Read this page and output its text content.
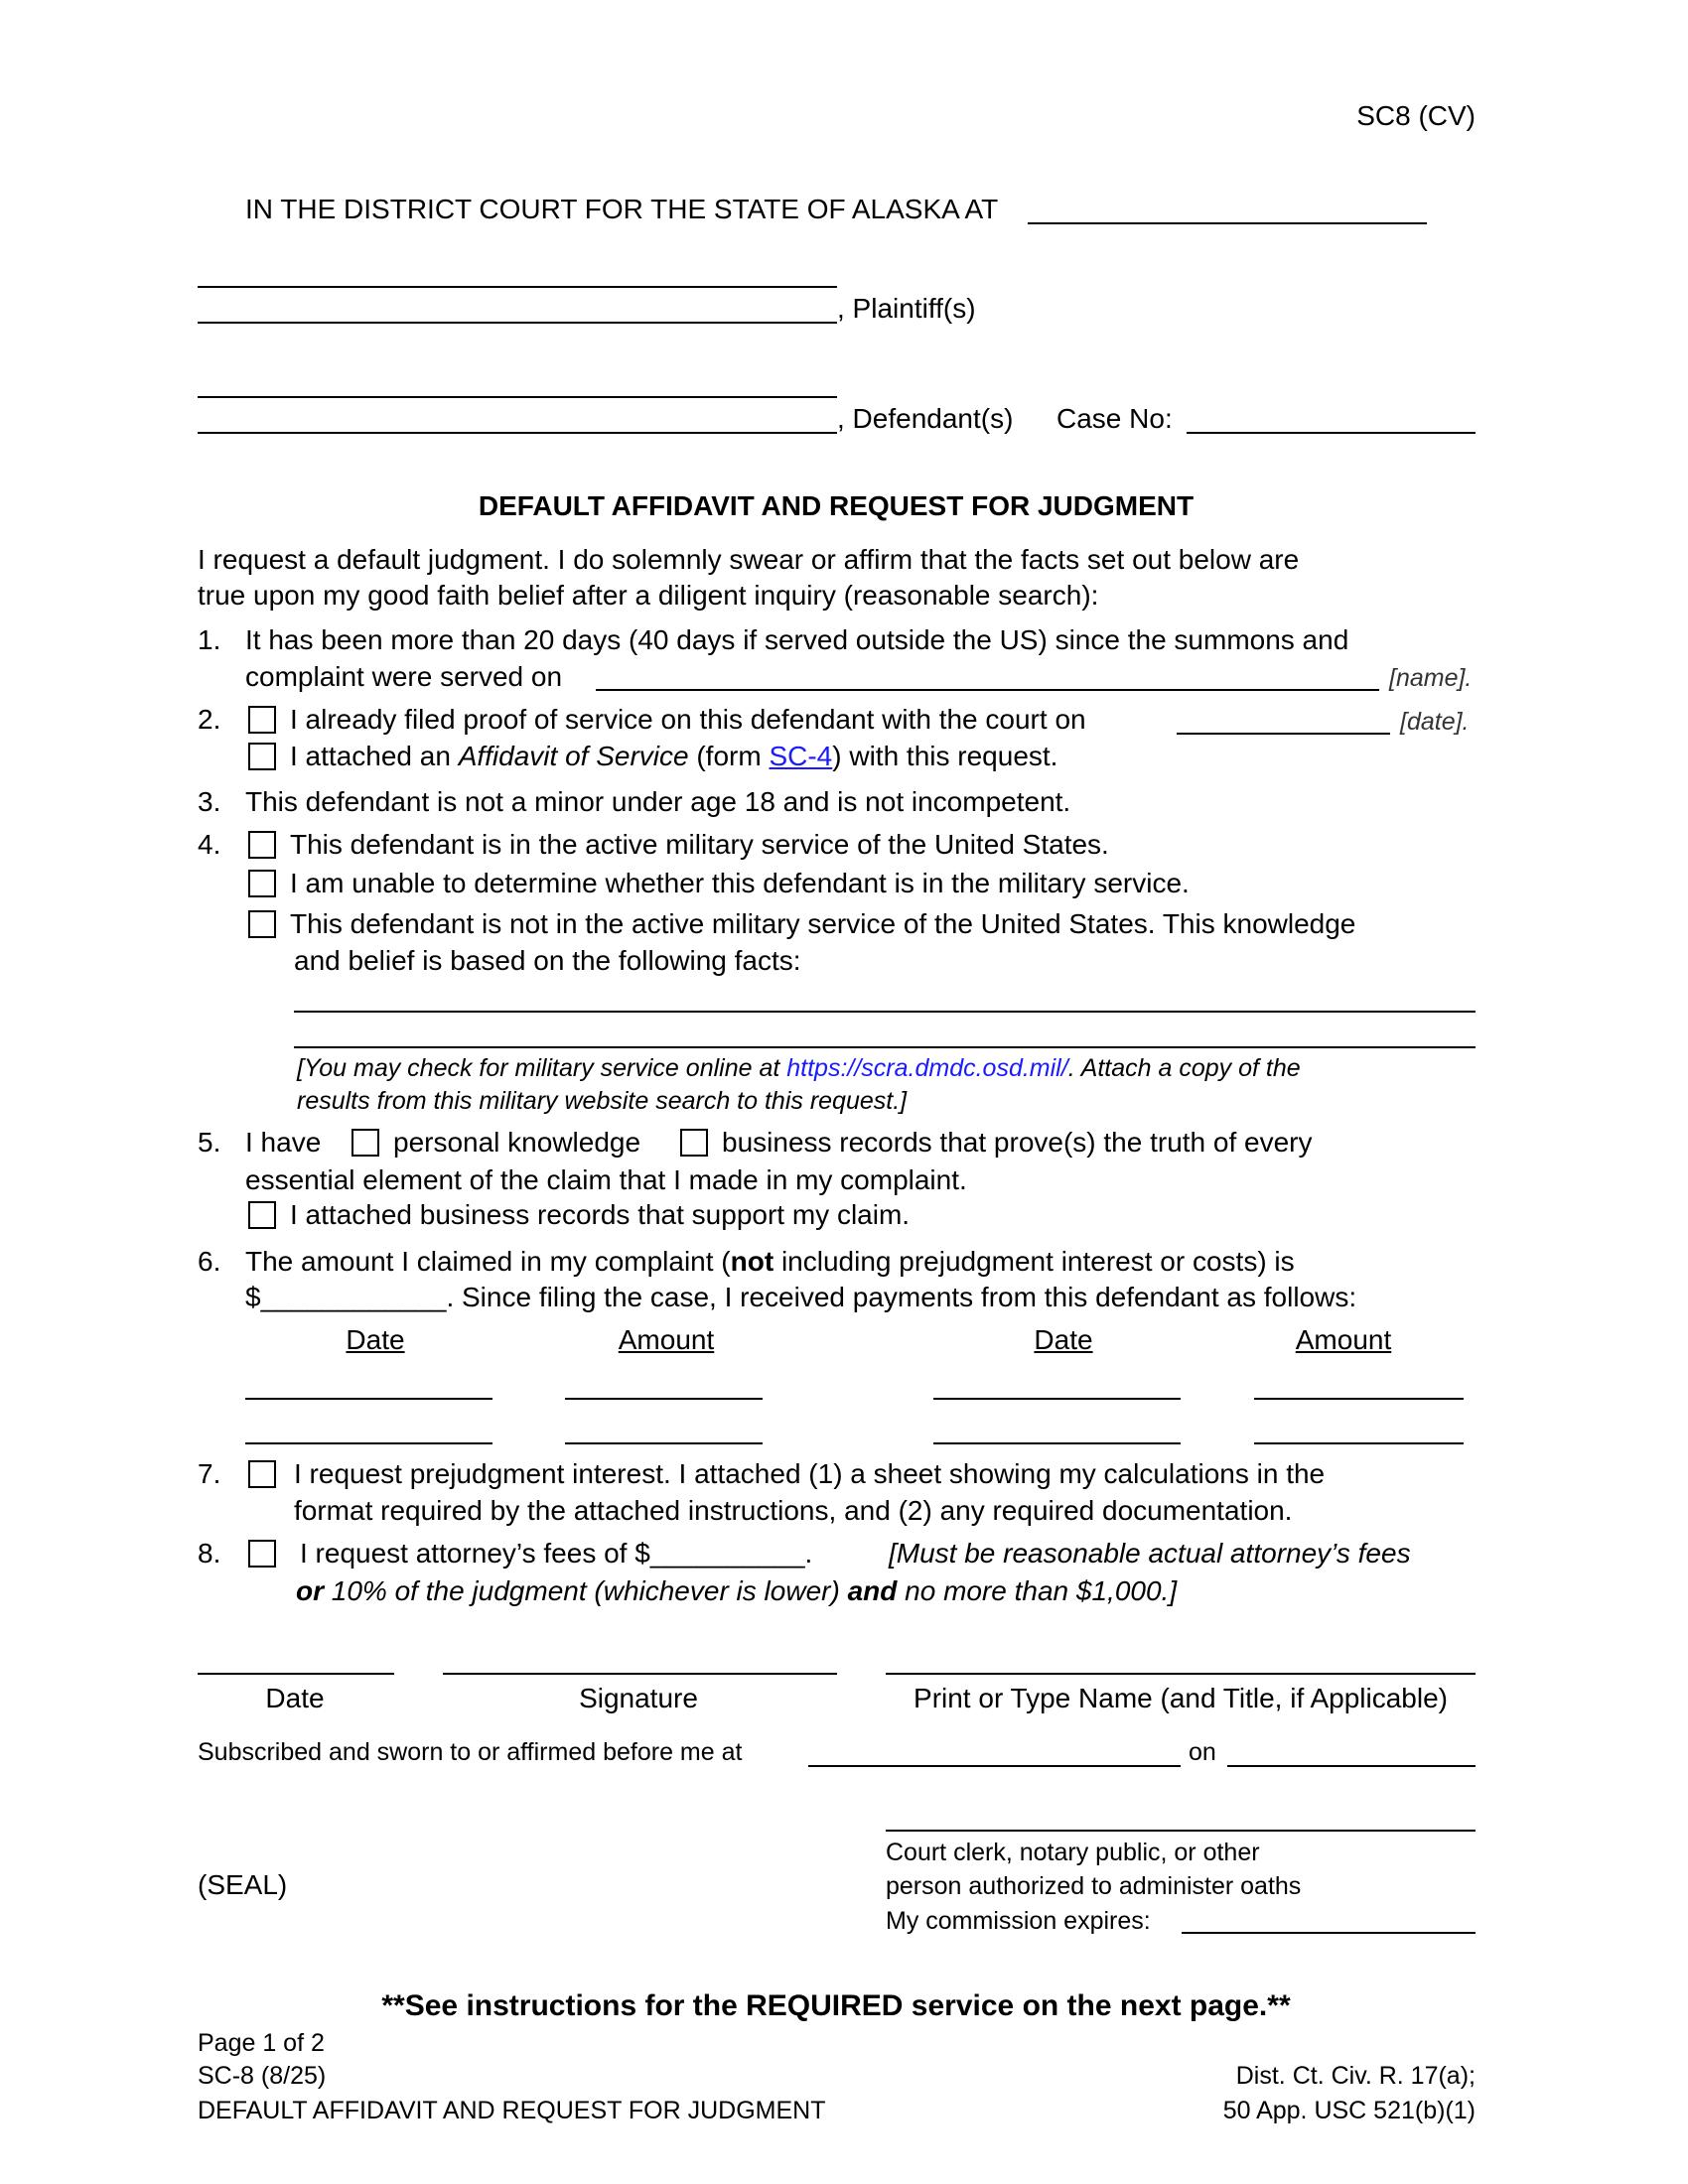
SC8 (CV)
IN THE DISTRICT COURT FOR THE STATE OF ALASKA AT
, Plaintiff(s)
, Defendant(s) Case No:
DEFAULT AFFIDAVIT AND REQUEST FOR JUDGMENT
I request a default judgment. I do solemnly swear or affirm that the facts set out below are
true upon my good faith belief after a diligent inquiry (reasonable search):
1. It has been more than 20 days (40 days if served outside the US) since the summons and
complaint were served on	[name].
2. I already filed proof of service on this defendant with the court on	[date].
I attached an Affidavit of Service (form SC-4) with this request.
3. This defendant is not a minor under age 18 and is not incompetent.
4. This defendant is in the active military service of the United States.
I am unable to determine whether this defendant is in the military service.
This defendant is not in the active military service of the United States. This knowledge
and belief is based on the following facts:
[You may check for military service online at https://scra.dmdc.osd.mil/. Attach a copy of the
results from this military website search to this request.]
5. I have	personal knowledge	business records that prove(s) the truth of every
essential element of the claim that I made in my complaint.
I attached business records that support my claim.
6. The amount I claimed in my complaint (not including prejudgment interest or costs) is
$____________. Since filing the case, I received payments from this defendant as follows:
Date	Amount	Date	Amount
7.	I request prejudgment interest. I attached (1) a sheet showing my calculations in the
format required by the attached instructions, and (2) any required documentation.
8.	I request attorney’s fees of $__________.	[Must be reasonable actual attorney’s fees
or 10% of the judgment (whichever is lower) and no more than $1,000.]
Date	Signature	Print or Type Name (and Title, if Applicable)
Subscribed and sworn to or affirmed before me at	on
Court clerk, notary public, or other
person authorized to administer oaths
My commission expires:
(SEAL)
**See instructions for the REQUIRED service on the next page.**
Page 1 of 2
SC-8 (8/25)
DEFAULT AFFIDAVIT AND REQUEST FOR JUDGMENT
Dist. Ct. Civ. R. 17(a);
50 App. USC 521(b)(1)
